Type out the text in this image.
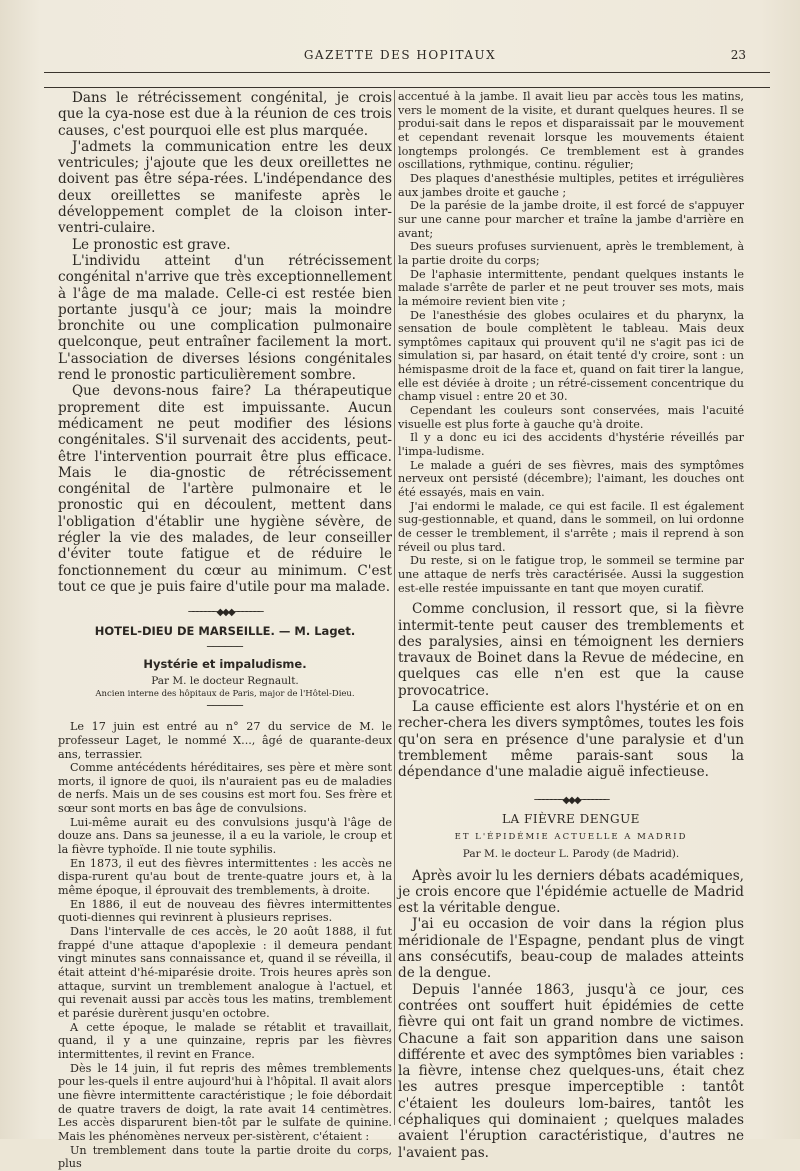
GAZETTE DES HOPITAUX	23

Dans le rétrécissement congénital, je crois que la cya-nose est due à la réunion de ces trois causes, c'est pourquoi elle est plus marquée.

J'admets la communication entre les deux ventricules; j'ajoute que les deux oreillettes ne doivent pas être sépa-rées. L'indépendance des deux oreillettes se manifeste après le développement complet de la cloison inter-ventri-culaire.

Le pronostic est grave.

L'individu atteint d'un rétrécissement congénital n'arrive que très exceptionnellement à l'âge de ma malade. Celle-ci est restée bien portante jusqu'à ce jour; mais la moindre bronchite ou une complication pulmonaire quelconque, peut entraîner facilement la mort. L'association de diverses lésions congénitales rend le pronostic particulièrement sombre.

Que devons-nous faire? La thérapeutique proprement dite est impuissante. Aucun médicament ne peut modifier des lésions congénitales. S'il survenait des accidents, peut-être l'intervention pourrait être plus efficace. Mais le dia-gnostic de rétrécissement congénital de l'artère pulmonaire et le pronostic qui en découlent, mettent dans l'obligation d'établir une hygiène sévère, de régler la vie des malades, de leur conseiller d'éviter toute fatigue et de réduire le fonctionnement du cœur au minimum. C'est tout ce que je puis faire d'utile pour ma malade.

───────◆◆◆───────

HOTEL-DIEU DE MARSEILLE. — M. Laget.

──────

Hystérie et impaludisme.

Par M. le docteur Regnault.

Ancien interne des hôpitaux de Paris, major de l'Hôtel-Dieu.

──────

Le 17 juin est entré au n° 27 du service de M. le professeur Laget, le nommé X..., âgé de quarante-deux ans, terrassier.

Comme antécédents héréditaires, ses père et mère sont morts, il ignore de quoi, ils n'auraient pas eu de maladies de nerfs. Mais un de ses cousins est mort fou. Ses frère et sœur sont morts en bas âge de convulsions.

Lui-même aurait eu des convulsions jusqu'à l'âge de douze ans. Dans sa jeunesse, il a eu la variole, le croup et la fièvre typhoïde. Il nie toute syphilis.

En 1873, il eut des fièvres intermittentes : les accès ne dispa-rurent qu'au bout de trente-quatre jours et, à la même époque, il éprouvait des tremblements, à droite.

En 1886, il eut de nouveau des fièvres intermittentes quoti-diennes qui revinrent à plusieurs reprises.

Dans l'intervalle de ces accès, le 20 août 1888, il fut frappé d'une attaque d'apoplexie : il demeura pendant vingt minutes sans connaissance et, quand il se réveilla, il était atteint d'hé-miparésie droite. Trois heures après son attaque, survint un tremblement analogue à l'actuel, et qui revenait aussi par accès tous les matins, tremblement et parésie durèrent jusqu'en octobre.

A cette époque, le malade se rétablit et travaillait, quand, il y a une quinzaine, repris par les fièvres intermittentes, il revint en France.

Dès le 14 juin, il fut repris des mêmes tremblements pour les-quels il entre aujourd'hui à l'hôpital. Il avait alors une fièvre intermittente caractéristique ; le foie débordait de quatre travers de doigt, la rate avait 14 centimètres. Les accès disparurent bien-tôt par le sulfate de quinine. Mais les phénomènes nerveux per-sistèrent, c'étaient :

Un tremblement dans toute la partie droite du corps, plus

accentué à la jambe. Il avait lieu par accès tous les matins, vers le moment de la visite, et durant quelques heures. Il se produi-sait dans le repos et disparaissait par le mouvement et cependant revenait lorsque les mouvements étaient longtemps prolongés. Ce tremblement est à grandes oscillations, rythmique, continu. régulier;

Des plaques d'anesthésie multiples, petites et irrégulières aux jambes droite et gauche ;

De la parésie de la jambe droite, il est forcé de s'appuyer sur une canne pour marcher et traîne la jambe d'arrière en avant;

Des sueurs profuses survienuent, après le tremblement, à la partie droite du corps;

De l'aphasie intermittente, pendant quelques instants le malade s'arrête de parler et ne peut trouver ses mots, mais la mémoire revient bien vite ;

De l'anesthésie des globes oculaires et du pharynx, la sensation de boule complètent le tableau. Mais deux symptômes capitaux qui prouvent qu'il ne s'agit pas ici de simulation si, par hasard, on était tenté d'y croire, sont : un hémispasme droit de la face et, quand on fait tirer la langue, elle est déviée à droite ; un rétré-cissement concentrique du champ visuel : entre 20 et 30.

Cependant les couleurs sont conservées, mais l'acuité visuelle est plus forte à gauche qu'à droite.

Il y a donc eu ici des accidents d'hystérie réveillés par l'impa-ludisme.

Le malade a guéri de ses fièvres, mais des symptômes nerveux ont persisté (décembre); l'aimant, les douches ont été essayés, mais en vain.

J'ai endormi le malade, ce qui est facile. Il est également sug-gestionnable, et quand, dans le sommeil, on lui ordonne de cesser le tremblement, il s'arrête ; mais il reprend à son réveil ou plus tard.

Du reste, si on le fatigue trop, le sommeil se termine par une attaque de nerfs très caractérisée. Aussi la suggestion est-elle restée impuissante en tant que moyen curatif.

Comme conclusion, il ressort que, si la fièvre intermit-tente peut causer des tremblements et des paralysies, ainsi en témoignent les derniers travaux de Boinet dans la Revue de médecine, en quelques cas elle n'en est que la cause provocatrice.

La cause efficiente est alors l'hystérie et on en recher-chera les divers symptômes, toutes les fois qu'on sera en présence d'une paralysie et d'un tremblement même parais-sant sous la dépendance d'une maladie aiguë infectieuse.

───────◆◆◆───────

LA FIÈVRE DENGUE

ET L'ÉPIDÉMIE ACTUELLE A MADRID

Par M. le docteur L. Parody (de Madrid).

Après avoir lu les derniers débats académiques, je crois encore que l'épidémie actuelle de Madrid est la véritable dengue.

J'ai eu occasion de voir dans la région plus méridionale de l'Espagne, pendant plus de vingt ans consécutifs, beau-coup de malades atteints de la dengue.

Depuis l'année 1863, jusqu'à ce jour, ces contrées ont souffert huit épidémies de cette fièvre qui ont fait un grand nombre de victimes. Chacune a fait son apparition dans une saison différente et avec des symptômes bien variables : la fièvre, intense chez quelques-uns, était chez les autres presque imperceptible : tantôt c'étaient les douleurs lom-baires, tantôt les céphaliques qui dominaient ; quelques malades avaient l'éruption caractéristique, d'autres ne l'avaient pas.
